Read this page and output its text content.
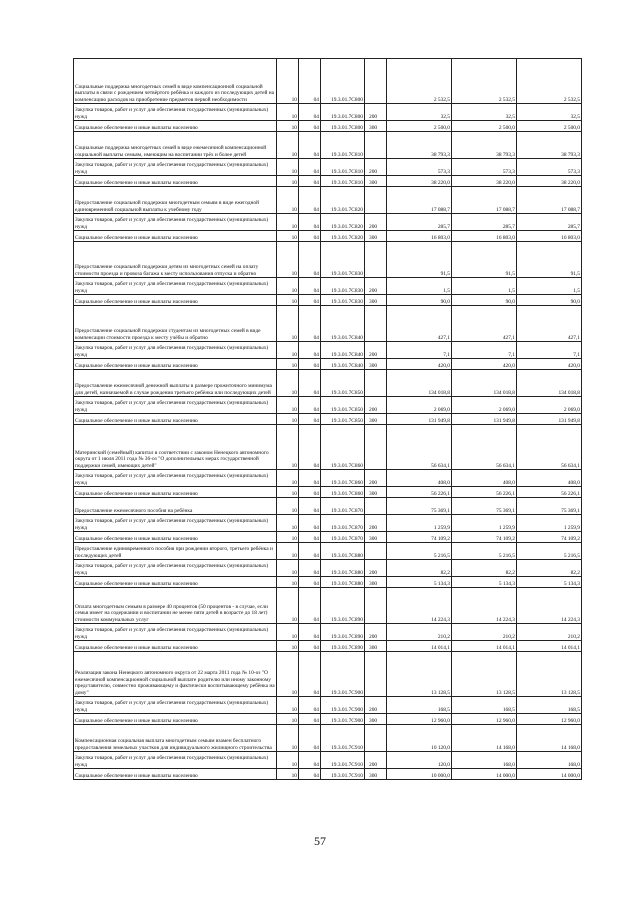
Социальные поддержка многодетных семей в виде компенсационной социальной выплаты в связи с рождением четвёртого ребёнка и каждого из последующих детей на компенсацию расходов на приобретение предметов первой необходимости	10	04	19.3.01.7С800		2 532,5	2 532,5	2 532,5
Закупка товаров, работ и услуг для обеспечения государственных (муниципальных) нужд	10	04	19.3.01.7С800	200	32,5	32,5	32,5
Социальное обеспечение и иные выплаты населению	10	04	19.3.01.7С800	300	2 500,0	2 500,0	2 500,0
Социальные поддержка многодетных семей в виде ежемесячной компенсационной социальной выплаты семьям, имеющим на воспитании трёх и более детей	10	04	19.3.01.7С810		38 793,3	38 793,3	38 793,3
Закупка товаров, работ и услуг для обеспечения государственных (муниципальных) нужд	10	04	19.3.01.7С810	200	573,3	573,3	573,3
Социальное обеспечение и иные выплаты населению	10	04	19.3.01.7С810	300	38 220,0	38 220,0	38 220,0
Предоставление социальной поддержки многодетным семьям в виде ежегодной единовременной социальной выплаты к учебному году	10	04	19.3.01.7С820		17 088,7	17 088,7	17 088,7
Закупка товаров, работ и услуг для обеспечения государственных (муниципальных) нужд	10	04	19.3.01.7С820	200	285,7	285,7	285,7
Социальное обеспечение и иные выплаты населению	10	04	19.3.01.7С820	300	16 803,0	16 803,0	16 803,0
Предоставление социальной поддержки детям из многодетных семей на оплату стоимости проезда и провоза багажа к месту использования отпуска и обратно	10	04	19.3.01.7С830		91,5	91,5	91,5
Закупка товаров, работ и услуг для обеспечения государственных (муниципальных) нужд	10	04	19.3.01.7С830	200	1,5	1,5	1,5
Социальное обеспечение и иные выплаты населению	10	04	19.3.01.7С830	300	90,0	90,0	90,0
Предоставление социальной поддержки студентам из многодетных семей в виде компенсации стоимости проезда к месту учёбы и обратно	10	04	19.3.01.7С840		427,1	427,1	427,1
Закупка товаров, работ и услуг для обеспечения государственных (муниципальных) нужд	10	04	19.3.01.7С840	200	7,1	7,1	7,1
Социальное обеспечение и иные выплаты населению	10	04	19.3.01.7С840	300	420,0	420,0	420,0
Предоставление ежемесячной денежной выплаты в размере прожиточного минимума для детей, назначаемой в случае рождения третьего ребёнка или последующих детей	10	04	19.3.01.7С850		134 018,8	134 018,8	134 018,8
Закупка товаров, работ и услуг для обеспечения государственных (муниципальных) нужд	10	04	19.3.01.7С850	200	2 069,0	2 069,0	2 069,0
Социальное обеспечение и иные выплаты населению	10	04	19.3.01.7С850	300	131 949,8	131 949,8	131 949,8
Материнский (семейный) капитал в соответствии с законом Ненецкого автономного округа от 1 июля 2011 года № 36-оз "О дополнительных мерах государственной поддержки семей, имеющих детей"	10	04	19.3.01.7С860		56 634,1	56 634,1	56 634,1
Закупка товаров, работ и услуг для обеспечения государственных (муниципальных) нужд	10	04	19.3.01.7С860	200	408,0	408,0	408,0
Социальное обеспечение и иные выплаты населению	10	04	19.3.01.7С860	300	56 226,1	56 226,1	56 226,1
Предоставление ежемесячного пособия на ребёнка	10	04	19.3.01.7С870		75 369,1	75 369,1	75 369,1
Закупка товаров, работ и услуг для обеспечения государственных (муниципальных) нужд	10	04	19.3.01.7С870	200	1 259,9	1 259,9	1 259,9
Социальное обеспечение и иные выплаты населению	10	04	19.3.01.7С870	300	74 109,2	74 109,2	74 109,2
Предоставление единовременного пособия при рождении второго, третьего ребёнка и последующих детей	10	04	19.3.01.7С880		5 216,5	5 216,5	5 216,5
Закупка товаров, работ и услуг для обеспечения государственных (муниципальных) нужд	10	04	19.3.01.7С880	200	82,2	82,2	82,2
Социальное обеспечение и иные выплаты населению	10	04	19.3.01.7С880	300	5 134,3	5 134,3	5 134,3
Оплата многодетным семьям в размере 40 процентов (50 процентов - в случае, если семья имеет на содержании и воспитании не менее пяти детей в возрасте до 18 лет) стоимости коммунальных услуг	10	04	19.3.01.7С890		14 224,3	14 224,3	14 224,3
Закупка товаров, работ и услуг для обеспечения государственных (муниципальных) нужд	10	04	19.3.01.7С890	200	210,2	210,2	210,2
Социальное обеспечение и иные выплаты населению	10	04	19.3.01.7С890	300	14 014,1	14 014,1	14 014,1
Реализация закона Ненецкого автономного округа от 22 марта 2011 года № 10-оз "О ежемесячной компенсационной социальной выплате родителю или иному законному представителю, совместно проживающему и фактически воспитывающему ребёнка на дому"	10	04	19.3.01.7С900		13 128,5	13 128,5	13 128,5
Закупка товаров, работ и услуг для обеспечения государственных (муниципальных) нужд	10	04	19.3.01.7С900	200	168,5	168,5	168,5
Социальное обеспечение и иные выплаты населению	10	04	19.3.01.7С900	300	12 960,0	12 960,0	12 960,0
Компенсационная социальная выплата многодетным семьям взамен бесплатного предоставления земельных участков для индивидуального жилищного строительства	10	04	19.3.01.7С910		10 120,0	14 168,0	14 168,0
Закупка товаров, работ и услуг для обеспечения государственных (муниципальных) нужд	10	04	19.3.01.7С910	200	120,0	168,0	168,0
Социальное обеспечение и иные выплаты населению	10	04	19.3.01.7С910	300	10 000,0	14 000,0	14 000,0
57
